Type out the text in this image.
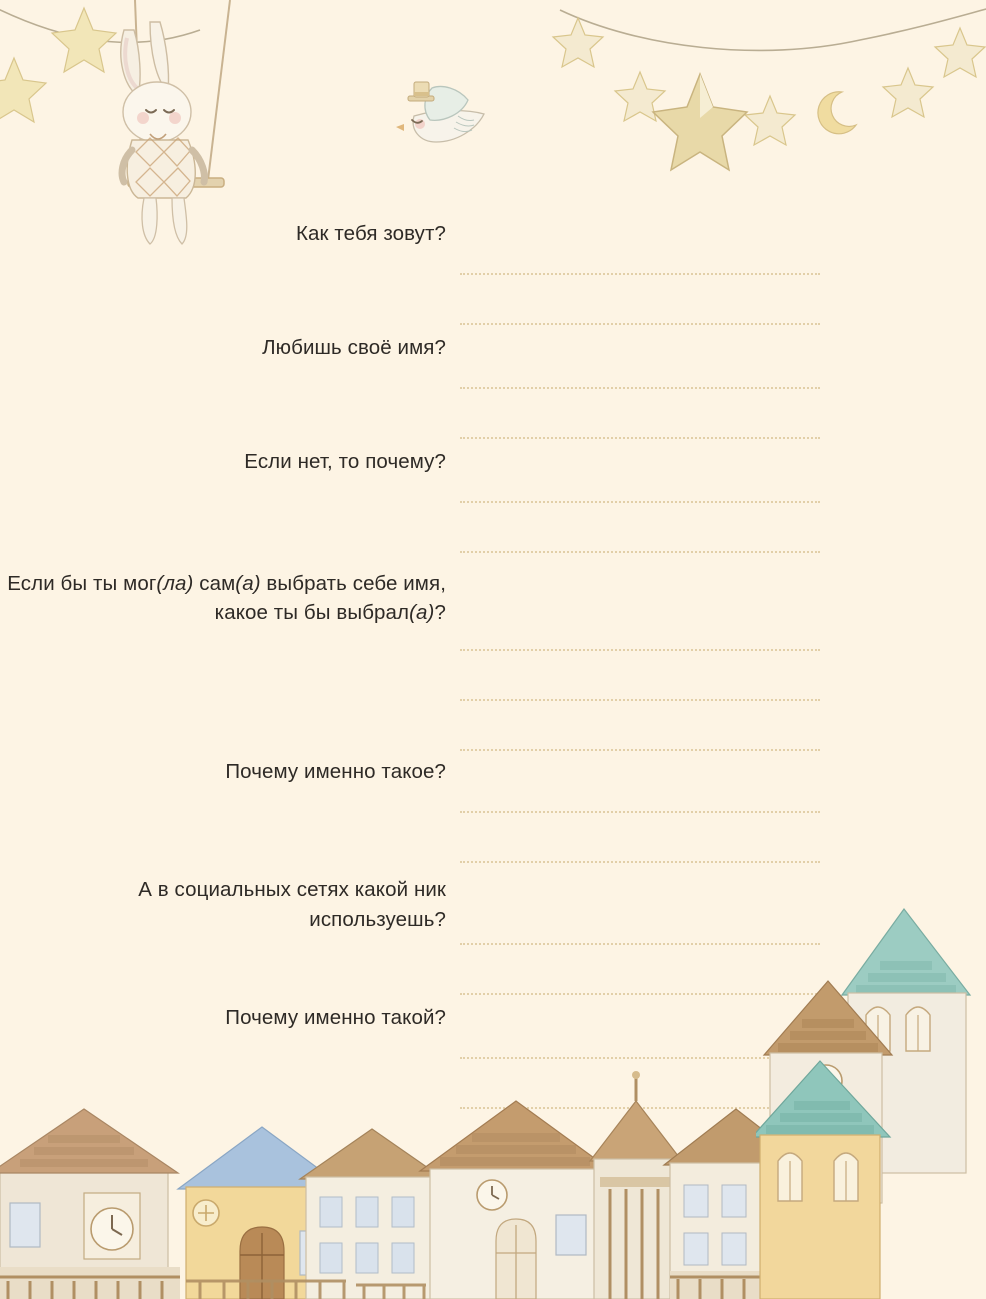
Как тебя зовут?
Любишь своё имя?
Если нет, то почему?
Если бы ты мог(ла) сам(а) выбрать себе имя, какое ты бы выбрал(а)?
Почему именно такое?
А в социальных сетях какой ник используешь?
Почему именно такой?
